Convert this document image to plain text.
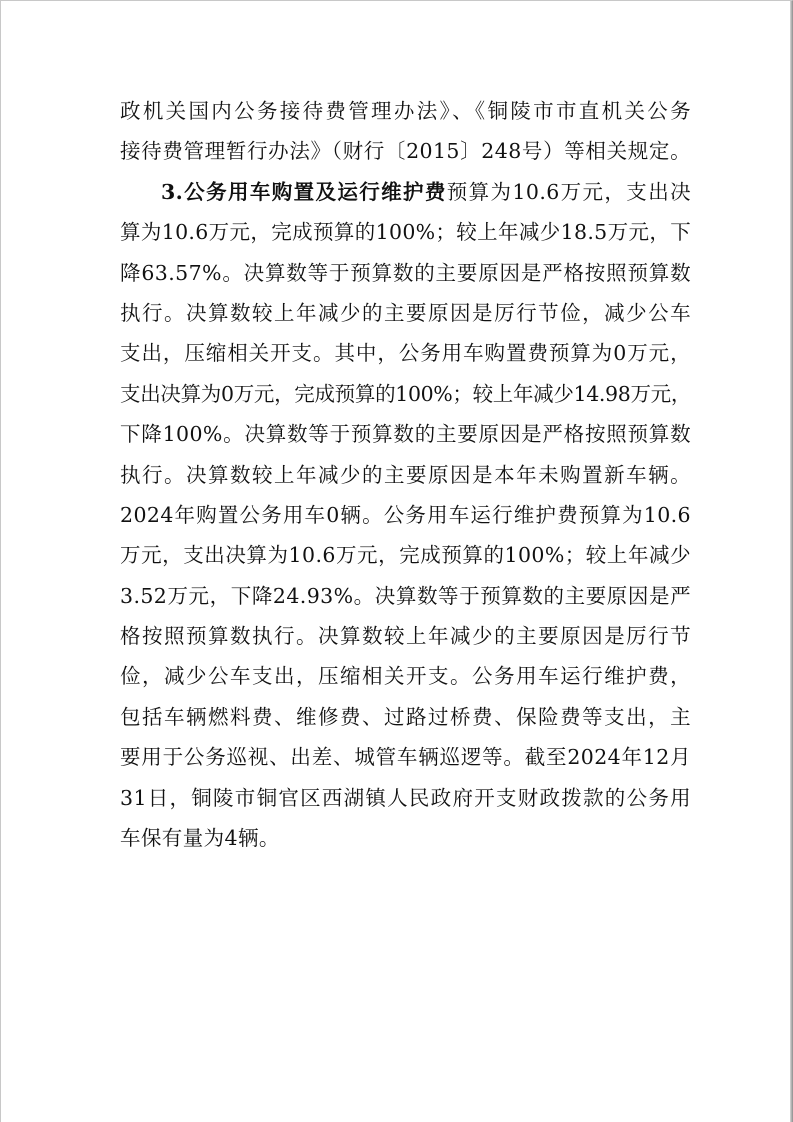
政机关国内公务接待费管理办法》、《铜陵市市直机关公务
接待费管理暂行办法》（财行〔2015〕248号）等相关规定。
3.公务用车购置及运行维护费预算为10.6万元，支出决
算为10.6万元，完成预算的100%；较上年减少18.5万元，下
降63.57%。决算数等于预算数的主要原因是严格按照预算数
执行。决算数较上年减少的主要原因是厉行节俭，减少公车
支出，压缩相关开支。其中，公务用车购置费预算为0万元，
支出决算为0万元，完成预算的100%；较上年减少14.98万元，
下降100%。决算数等于预算数的主要原因是严格按照预算数
执行。决算数较上年减少的主要原因是本年未购置新车辆。
2024年购置公务用车0辆。公务用车运行维护费预算为10.6
万元，支出决算为10.6万元，完成预算的100%；较上年减少
3.52万元，下降24.93%。决算数等于预算数的主要原因是严
格按照预算数执行。决算数较上年减少的主要原因是厉行节
俭，减少公车支出，压缩相关开支。公务用车运行维护费，
包括车辆燃料费、维修费、过路过桥费、保险费等支出，主
要用于公务巡视、出差、城管车辆巡逻等。截至2024年12月
31日，铜陵市铜官区西湖镇人民政府开支财政拨款的公务用
车保有量为4辆。
